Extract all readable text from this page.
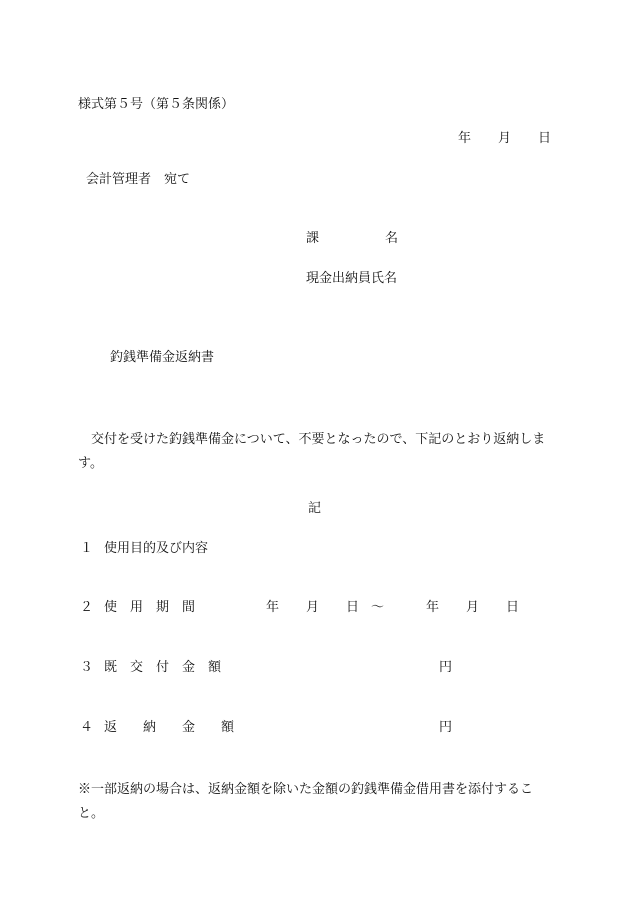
様式第５号（第５条関係）
年 月 日
会計管理者　宛て
課	名
現金出納員氏名
釣銭準備金返納書
交付を受けた釣銭準備金について、不要となったので、下記のとおり返納します。
記
１ 使用目的及び内容
２ 使　用　期　間	年 月 日 ～	年 月 日
３ 既　交　付　金　額	円
４ 返　　納　　金　　額	円
※一部返納の場合は、返納金額を除いた金額の釣銭準備金借用書を添付すること。
